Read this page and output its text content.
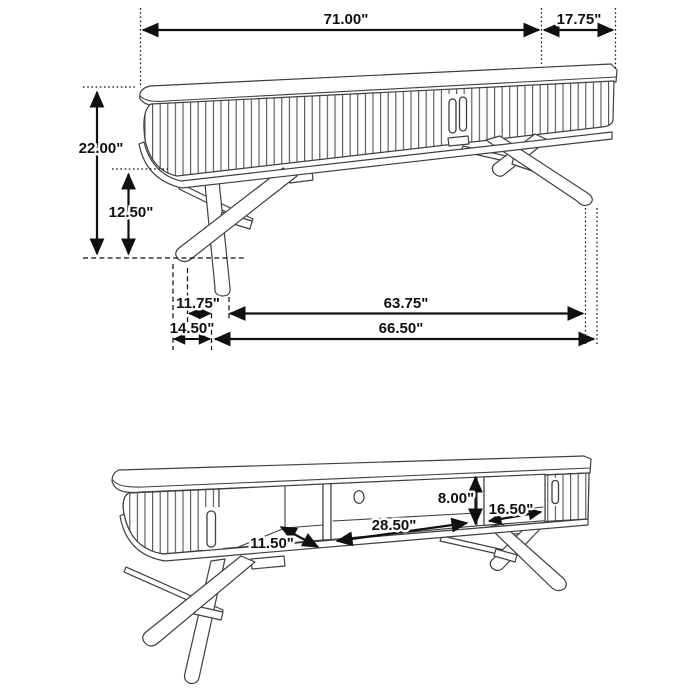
71.00"	17.75"
22.00"
12.50"
11.75"	63.75"
14.50"	66.50"
11.50"
28.50"
8.00"
16.50"
